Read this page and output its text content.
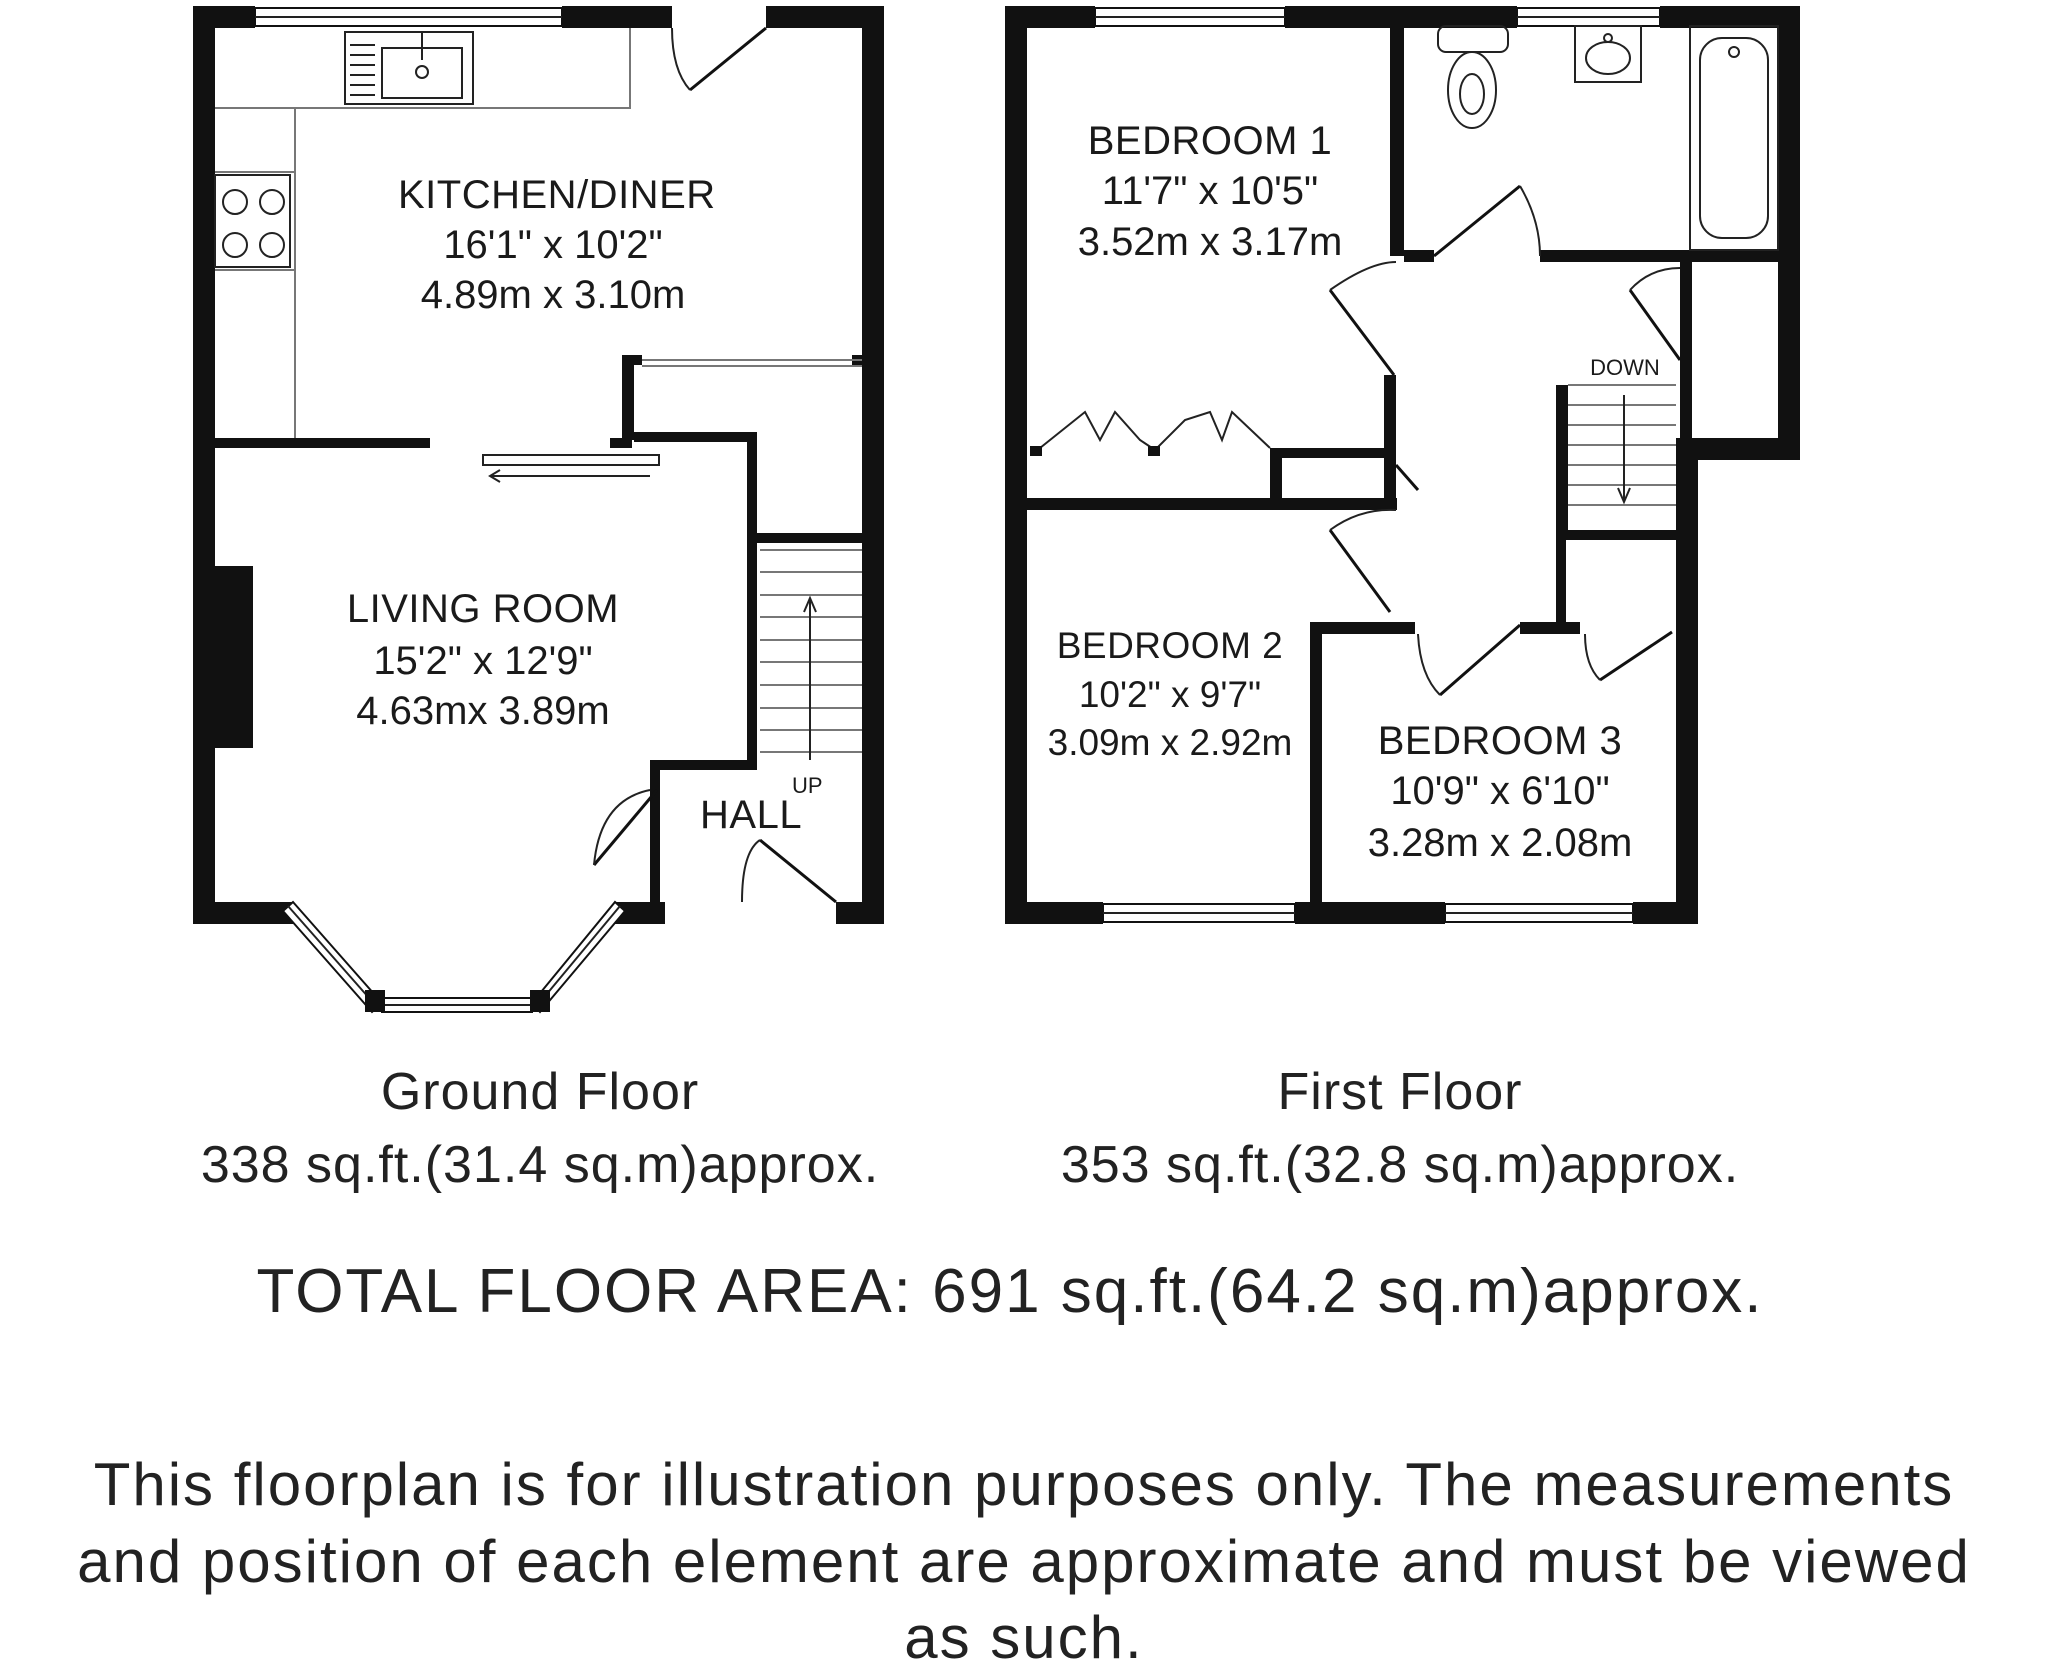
KITCHEN/DINER
16'1" x 10'2"
4.89m x 3.10m
LIVING ROOM
15'2" x 12'9"
4.63mx 3.89m
HALL
UP
BEDROOM 1
11'7" x 10'5"
3.52m x 3.17m
BEDROOM 2
10'2" x 9'7"
3.09m x 2.92m	BEDROOM 3
10'9" x 6'10"
3.28m x 2.08m
DOWN
Ground Floor
338 sq.ft.(31.4 sq.m)approx.
First Floor
353 sq.ft.(32.8 sq.m)approx.
TOTAL FLOOR AREA: 691 sq.ft.(64.2 sq.m)approx.
This floorplan is for illustration purposes only. The measurements
and position of each element are approximate and must be viewed
as such.
